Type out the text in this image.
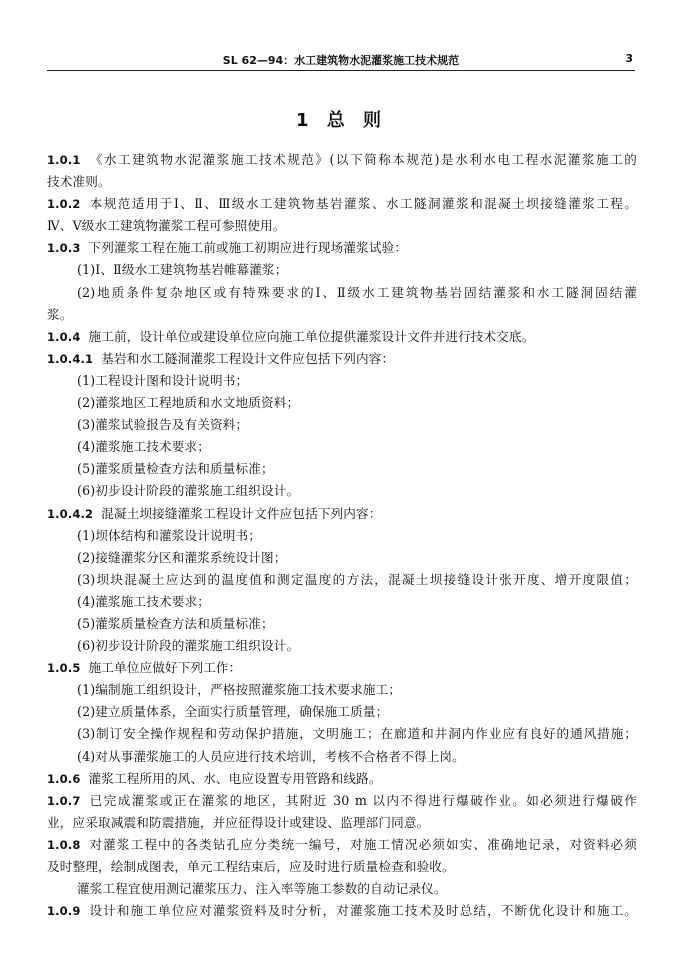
SL 62—94：水工建筑物水泥灌浆施工技术规范	3
1 总 则
1.0.1 《水工建筑物水泥灌浆施工技术规范》(以下简称本规范)是水利水电工程水泥灌浆施工的
技术准则。
1.0.2 本规范适用于Ⅰ、Ⅱ、Ⅲ级水工建筑物基岩灌浆、水工隧洞灌浆和混凝土坝接缝灌浆工程。
Ⅳ、Ⅴ级水工建筑物灌浆工程可参照使用。
1.0.3 下列灌浆工程在施工前或施工初期应进行现场灌浆试验：
(1)Ⅰ、Ⅱ级水工建筑物基岩帷幕灌浆；
(2)地质条件复杂地区或有特殊要求的Ⅰ、Ⅱ级水工建筑物基岩固结灌浆和水工隧洞固结灌
浆。
1.0.4 施工前，设计单位或建设单位应向施工单位提供灌浆设计文件并进行技术交底。
1.0.4.1 基岩和水工隧洞灌浆工程设计文件应包括下列内容：
(1)工程设计图和设计说明书；
(2)灌浆地区工程地质和水文地质资料；
(3)灌浆试验报告及有关资料；
(4)灌浆施工技术要求；
(5)灌浆质量检查方法和质量标准；
(6)初步设计阶段的灌浆施工组织设计。
1.0.4.2 混凝土坝接缝灌浆工程设计文件应包括下列内容：
(1)坝体结构和灌浆设计说明书；
(2)接缝灌浆分区和灌浆系统设计图；
(3)坝块混凝土应达到的温度值和测定温度的方法，混凝土坝接缝设计张开度、增开度限值；
(4)灌浆施工技术要求；
(5)灌浆质量检查方法和质量标准；
(6)初步设计阶段的灌浆施工组织设计。
1.0.5 施工单位应做好下列工作：
(1)编制施工组织设计，严格按照灌浆施工技术要求施工；
(2)建立质量体系，全面实行质量管理，确保施工质量；
(3)制订安全操作规程和劳动保护措施，文明施工；在廊道和井洞内作业应有良好的通风措施；
(4)对从事灌浆施工的人员应进行技术培训，考核不合格者不得上岗。
1.0.6 灌浆工程所用的风、水、电应设置专用管路和线路。
1.0.7 已完成灌浆或正在灌浆的地区，其附近 30 m 以内不得进行爆破作业。如必须进行爆破作
业，应采取减震和防震措施，并应征得设计或建设、监理部门同意。
1.0.8 对灌浆工程中的各类钻孔应分类统一编号，对施工情况必须如实、准确地记录，对资料必须
及时整理，绘制成图表，单元工程结束后，应及时进行质量检查和验收。
灌浆工程宜使用测记灌浆压力、注入率等施工参数的自动记录仪。
1.0.9 设计和施工单位应对灌浆资料及时分析，对灌浆施工技术及时总结，不断优化设计和施工。
